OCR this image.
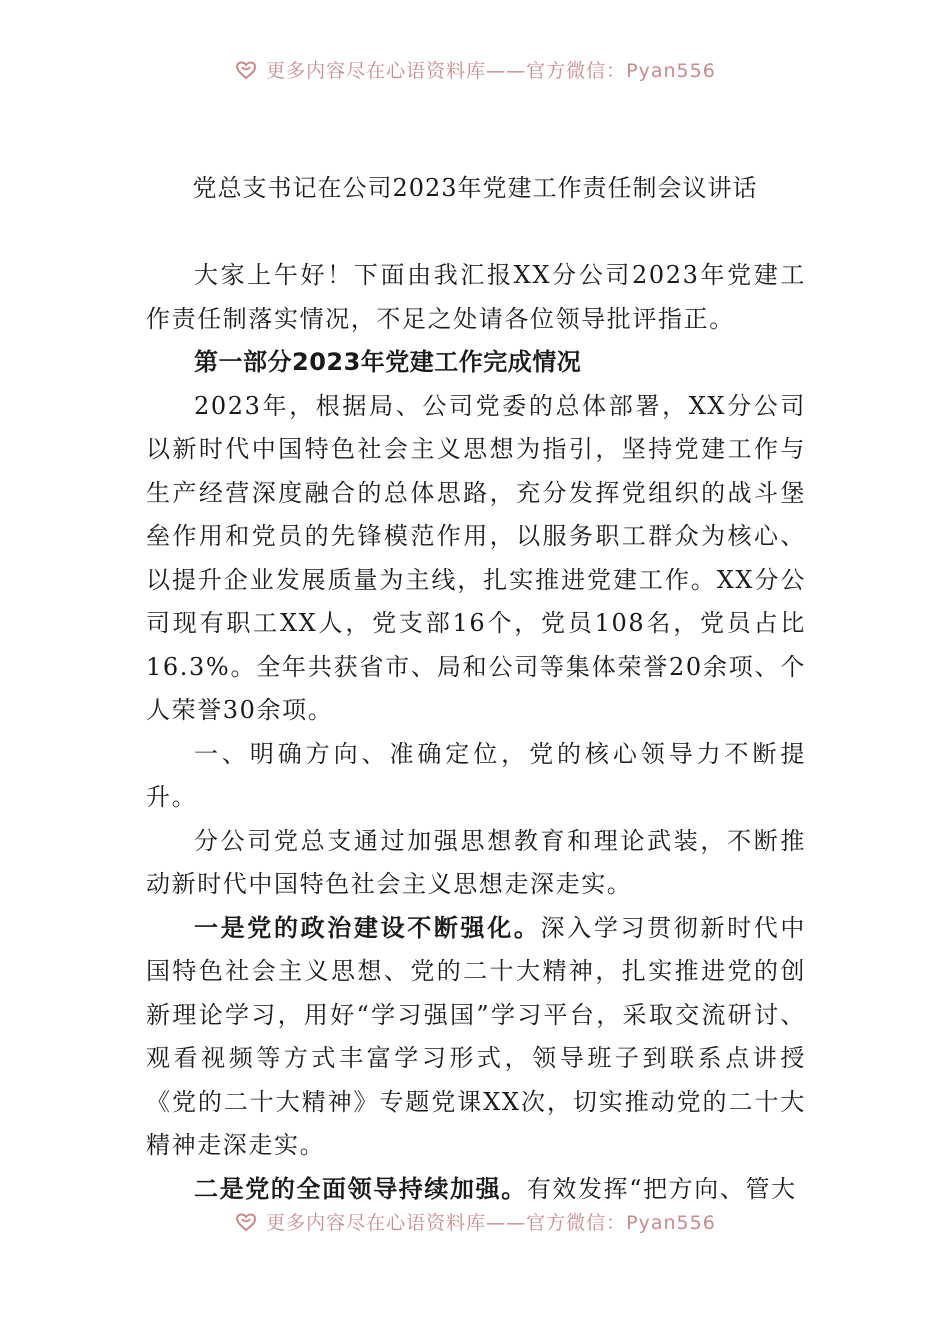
更多内容尽在心语资料库——官方微信：Pyan556
党总支书记在公司2023年党建工作责任制会议讲话

大家上午好！下面由我汇报XX分公司2023年党建工作责任制落实情况，不足之处请各位领导批评指正。

第一部分2023年党建工作完成情况

2023年，根据局、公司党委的总体部署，XX分公司以新时代中国特色社会主义思想为指引，坚持党建工作与生产经营深度融合的总体思路，充分发挥党组织的战斗堡垒作用和党员的先锋模范作用，以服务职工群众为核心、以提升企业发展质量为主线，扎实推进党建工作。XX分公司现有职工XX人，党支部16个，党员108名，党员占比16.3%。全年共获省市、局和公司等集体荣誉20余项、个人荣誉30余项。

一、明确方向、准确定位，党的核心领导力不断提升。

分公司党总支通过加强思想教育和理论武装，不断推动新时代中国特色社会主义思想走深走实。

一是党的政治建设不断强化。深入学习贯彻新时代中国特色社会主义思想、党的二十大精神，扎实推进党的创新理论学习，用好“学习强国”学习平台，采取交流研讨、观看视频等方式丰富学习形式，领导班子到联系点讲授《党的二十大精神》专题党课XX次，切实推动党的二十大精神走深走实。

二是党的全面领导持续加强。有效发挥“把方向、管大

更多内容尽在心语资料库——官方微信：Pyan556
